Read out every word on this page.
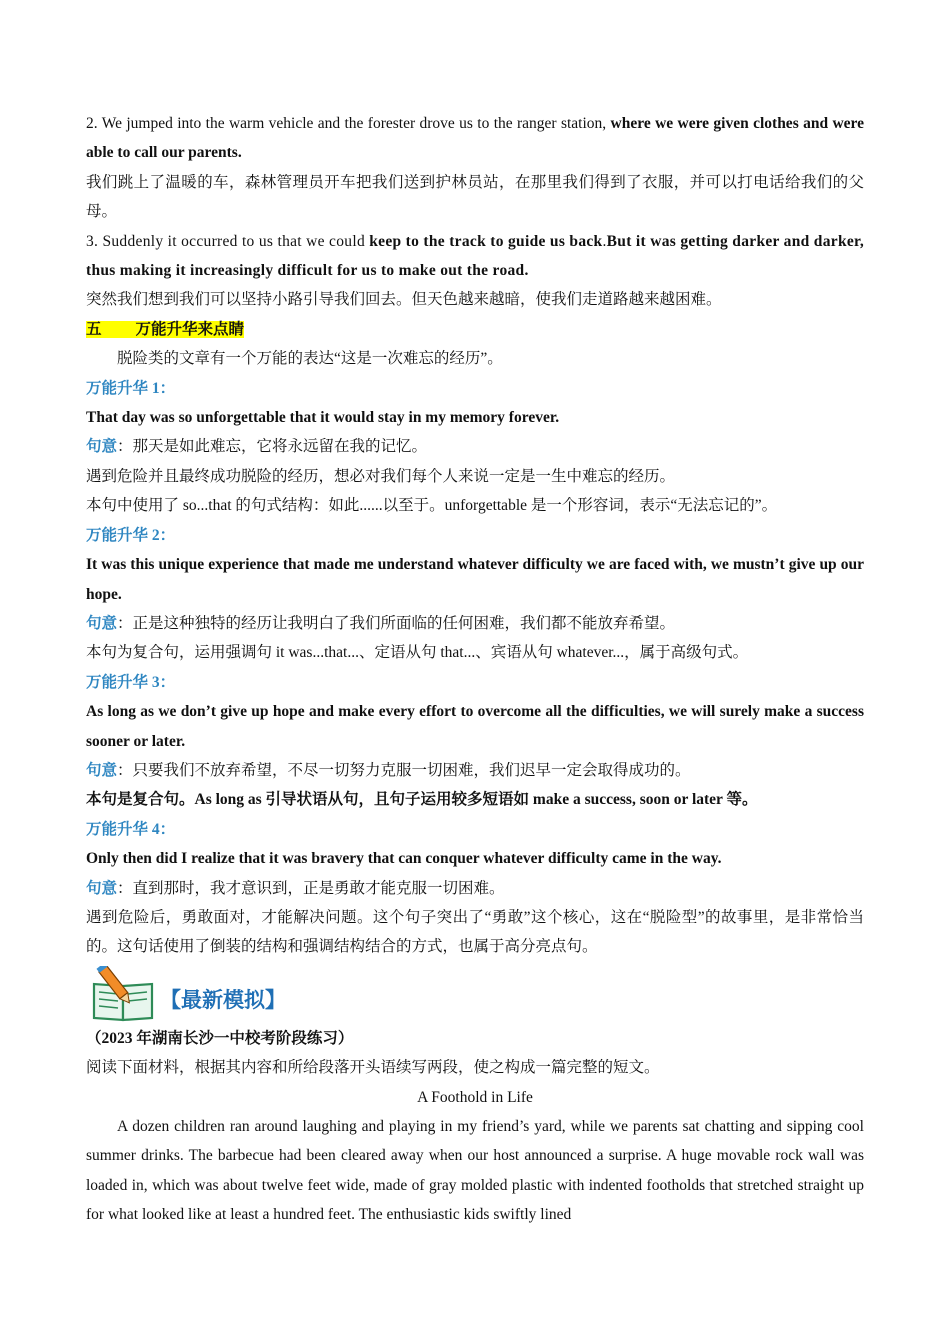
2. We jumped into the warm vehicle and the forester drove us to the ranger station, where we were given clothes and were able to call our parents.

我们跳上了温暖的车，森林管理员开车把我们送到护林员站，在那里我们得到了衣服，并可以打电话给我们的父母。

3. Suddenly it occurred to us that we could keep to the track to guide us back.But it was getting darker and darker, thus making it increasingly difficult for us to make out the road.

突然我们想到我们可以坚持小路引导我们回去。但天色越来越暗，使我们走道路越来越困难。

五 万能升华来点睛

脱险类的文章有一个万能的表达“这是一次难忘的经历”。

万能升华 1：

That day was so unforgettable that it would stay in my memory forever.

句意：那天是如此难忘，它将永远留在我的记忆。

遇到危险并且最终成功脱险的经历，想必对我们每个人来说一定是一生中难忘的经历。

本句中使用了 so...that 的句式结构：如此......以至于。unforgettable 是一个形容词，表示“无法忘记的”。

万能升华 2：

It was this unique experience that made me understand whatever difficulty we are faced with, we mustn’t give up our hope.

句意：正是这种独特的经历让我明白了我们所面临的任何困难，我们都不能放弃希望。

本句为复合句，运用强调句 it was...that...、定语从句 that...、宾语从句 whatever...，属于高级句式。

万能升华 3：

As long as we don’t give up hope and make every effort to overcome all the difficulties, we will surely make a success sooner or later.

句意：只要我们不放弃希望，不尽一切努力克服一切困难，我们迟早一定会取得成功的。

本句是复合句。As long as 引导状语从句，且句子运用较多短语如 make a success, soon or later 等。

万能升华 4：

Only then did I realize that it was bravery that can conquer whatever difficulty came in the way.

句意：直到那时，我才意识到，正是勇敢才能克服一切困难。

遇到危险后，勇敢面对，才能解决问题。这个句子突出了“勇敢”这个核心，这在“脱险型”的故事里，是非常恰当的。这句话使用了倒装的结构和强调结构结合的方式，也属于高分亮点句。

【最新模拟】

（2023 年湖南长沙一中校考阶段练习）

阅读下面材料，根据其内容和所给段落开头语续写两段，使之构成一篇完整的短文。

A Foothold in Life

A dozen children ran around laughing and playing in my friend’s yard, while we parents sat chatting and sipping cool summer drinks. The barbecue had been cleared away when our host announced a surprise. A huge movable rock wall was loaded in, which was about twelve feet wide, made of gray molded plastic with indented footholds that stretched straight up for what looked like at least a hundred feet. The enthusiastic kids swiftly lined
